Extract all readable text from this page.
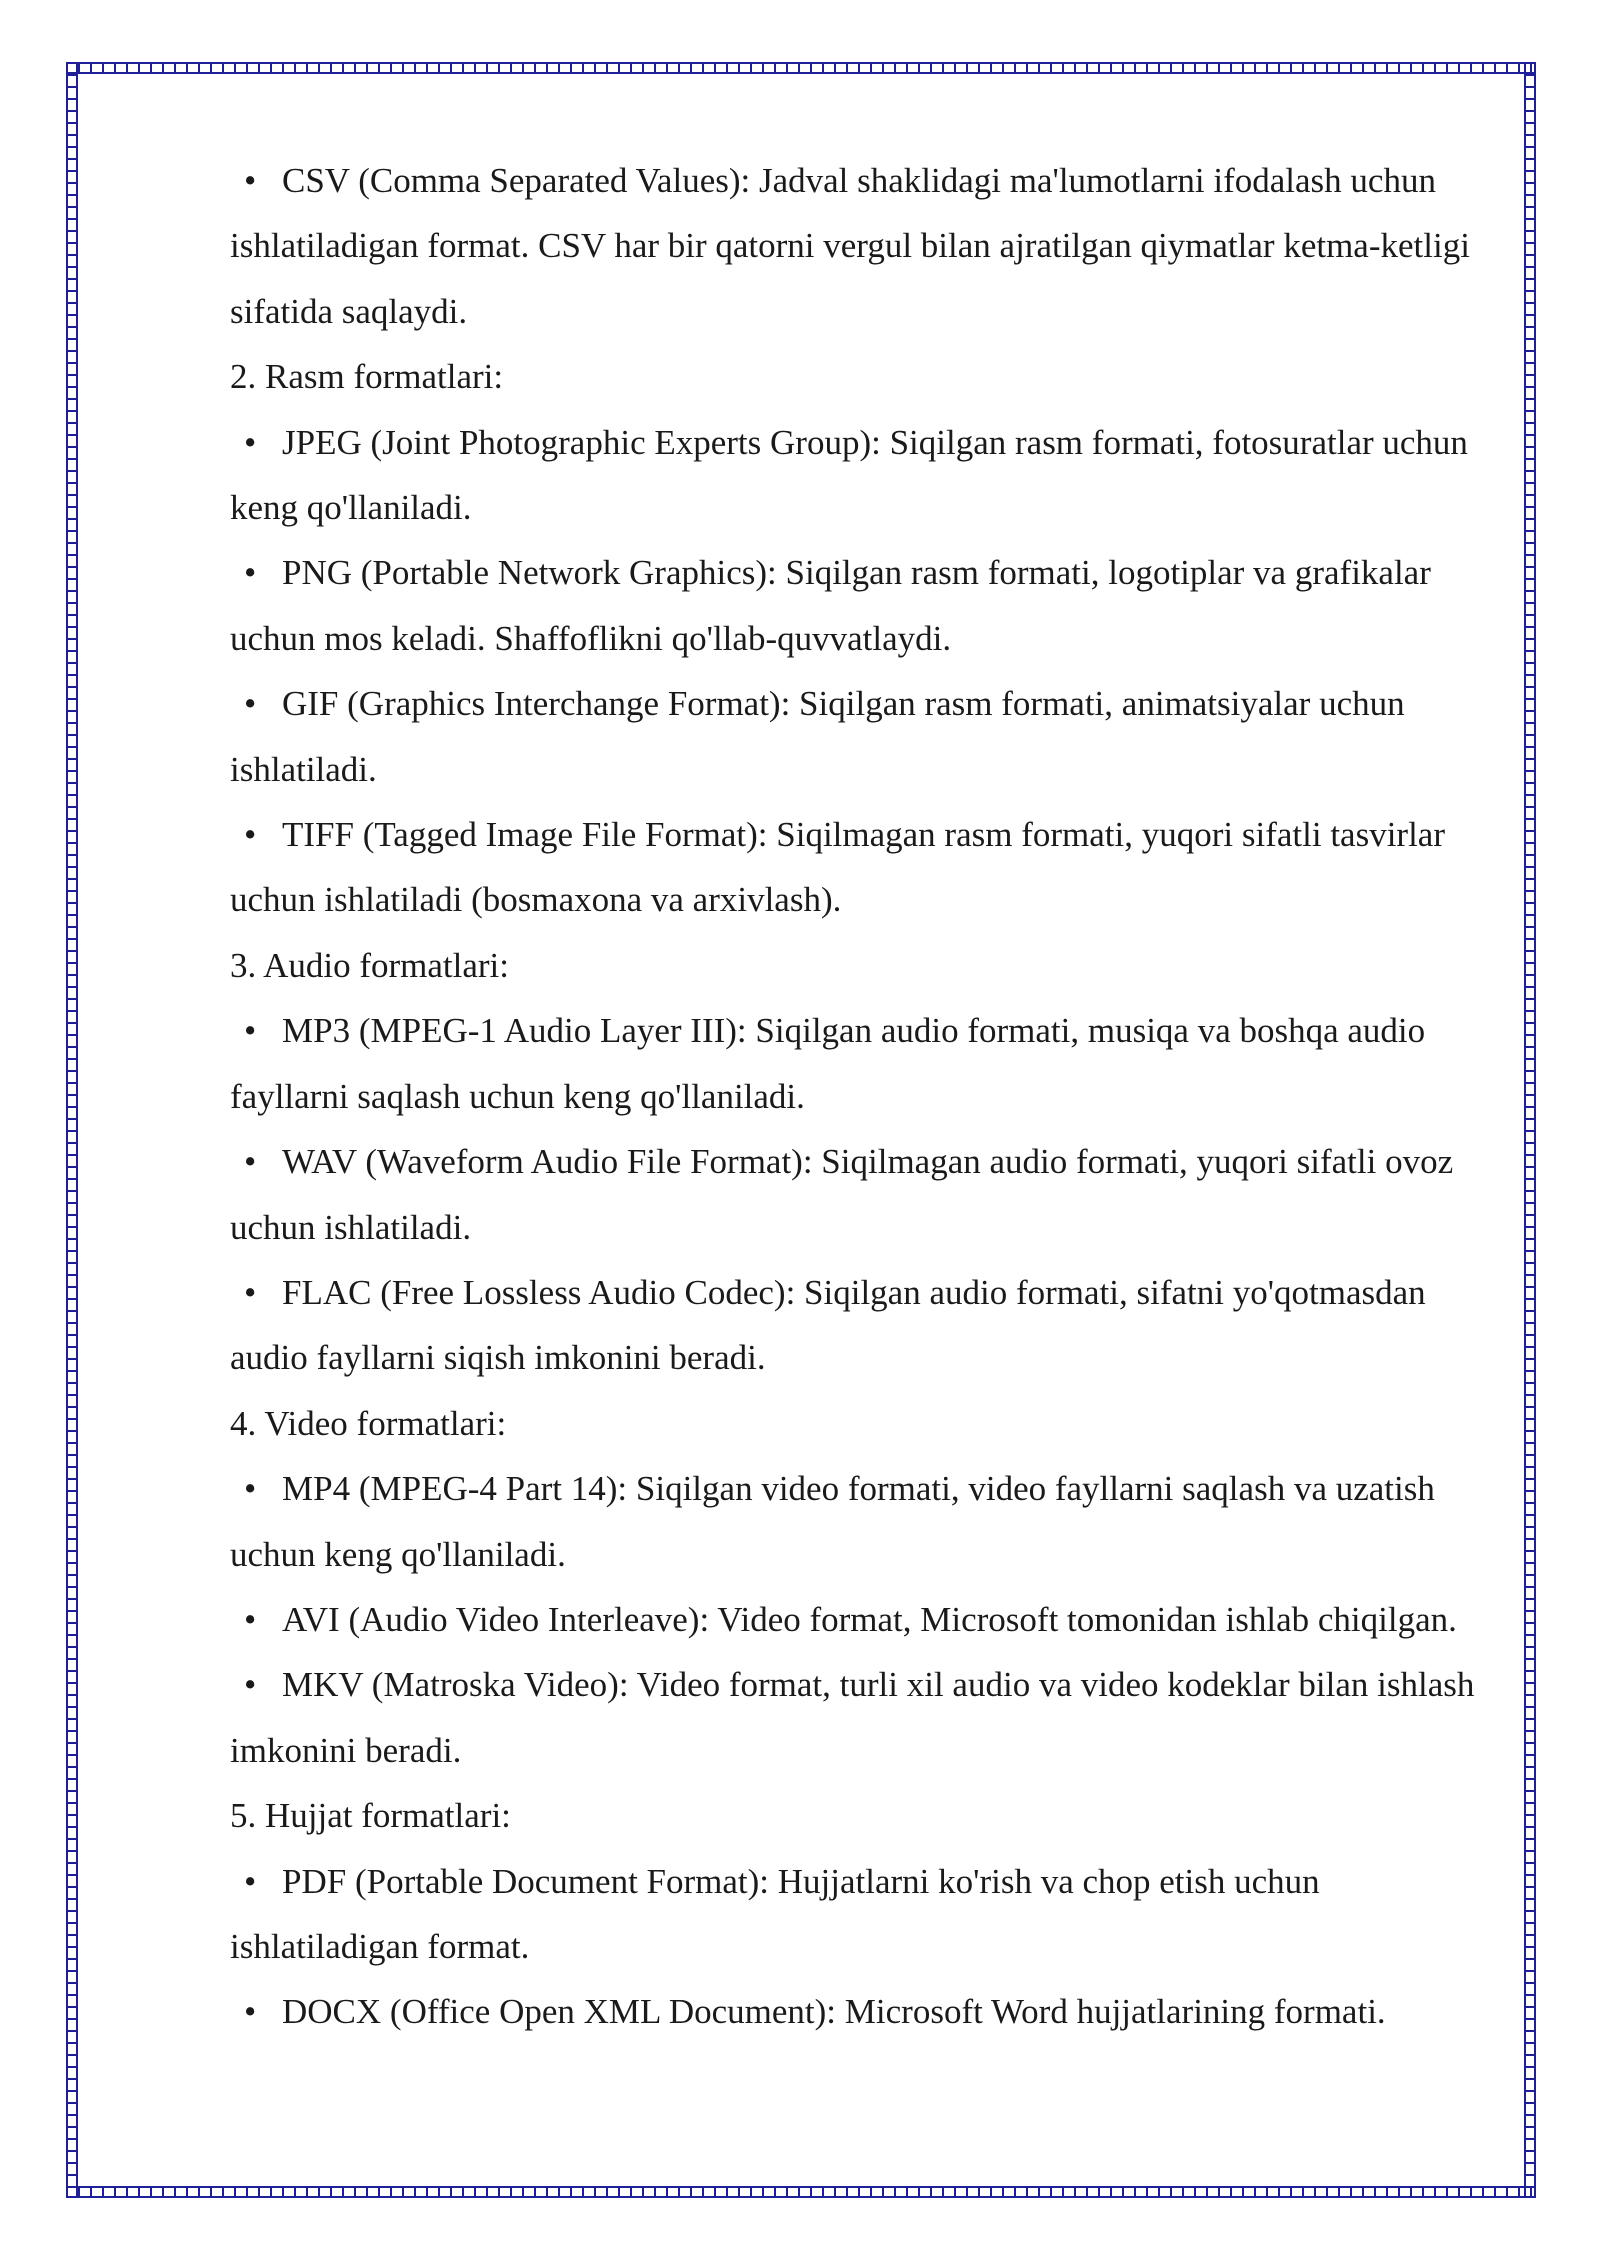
• CSV (Comma Separated Values): Jadval shaklidagi ma'lumotlarni ifodalash uchun ishlatiladigan format. CSV har bir qatorni vergul bilan ajratilgan qiymatlar ketma-ketligi sifatida saqlaydi.

2. Rasm formatlari:

• JPEG (Joint Photographic Experts Group): Siqilgan rasm formati, fotosuratlar uchun keng qo'llaniladi.

• PNG (Portable Network Graphics): Siqilgan rasm formati, logotiplar va grafikalar uchun mos keladi. Shaffoflikni qo'llab-quvvatlaydi.

• GIF (Graphics Interchange Format): Siqilgan rasm formati, animatsiyalar uchun ishlatiladi.

• TIFF (Tagged Image File Format): Siqilmagan rasm formati, yuqori sifatli tasvirlar uchun ishlatiladi (bosmaxona va arxivlash).

3. Audio formatlari:

• MP3 (MPEG-1 Audio Layer III): Siqilgan audio formati, musiqa va boshqa audio fayllarni saqlash uchun keng qo'llaniladi.

• WAV (Waveform Audio File Format): Siqilmagan audio formati, yuqori sifatli ovoz uchun ishlatiladi.

• FLAC (Free Lossless Audio Codec): Siqilgan audio formati, sifatni yo'qotmasdan audio fayllarni siqish imkonini beradi.

4. Video formatlari:

• MP4 (MPEG-4 Part 14): Siqilgan video formati, video fayllarni saqlash va uzatish uchun keng qo'llaniladi.

• AVI (Audio Video Interleave): Video format, Microsoft tomonidan ishlab chiqilgan.

• MKV (Matroska Video): Video format, turli xil audio va video kodeklar bilan ishlash imkonini beradi.

5. Hujjat formatlari:

• PDF (Portable Document Format): Hujjatlarni ko'rish va chop etish uchun ishlatiladigan format.

• DOCX (Office Open XML Document): Microsoft Word hujjatlarining formati.
